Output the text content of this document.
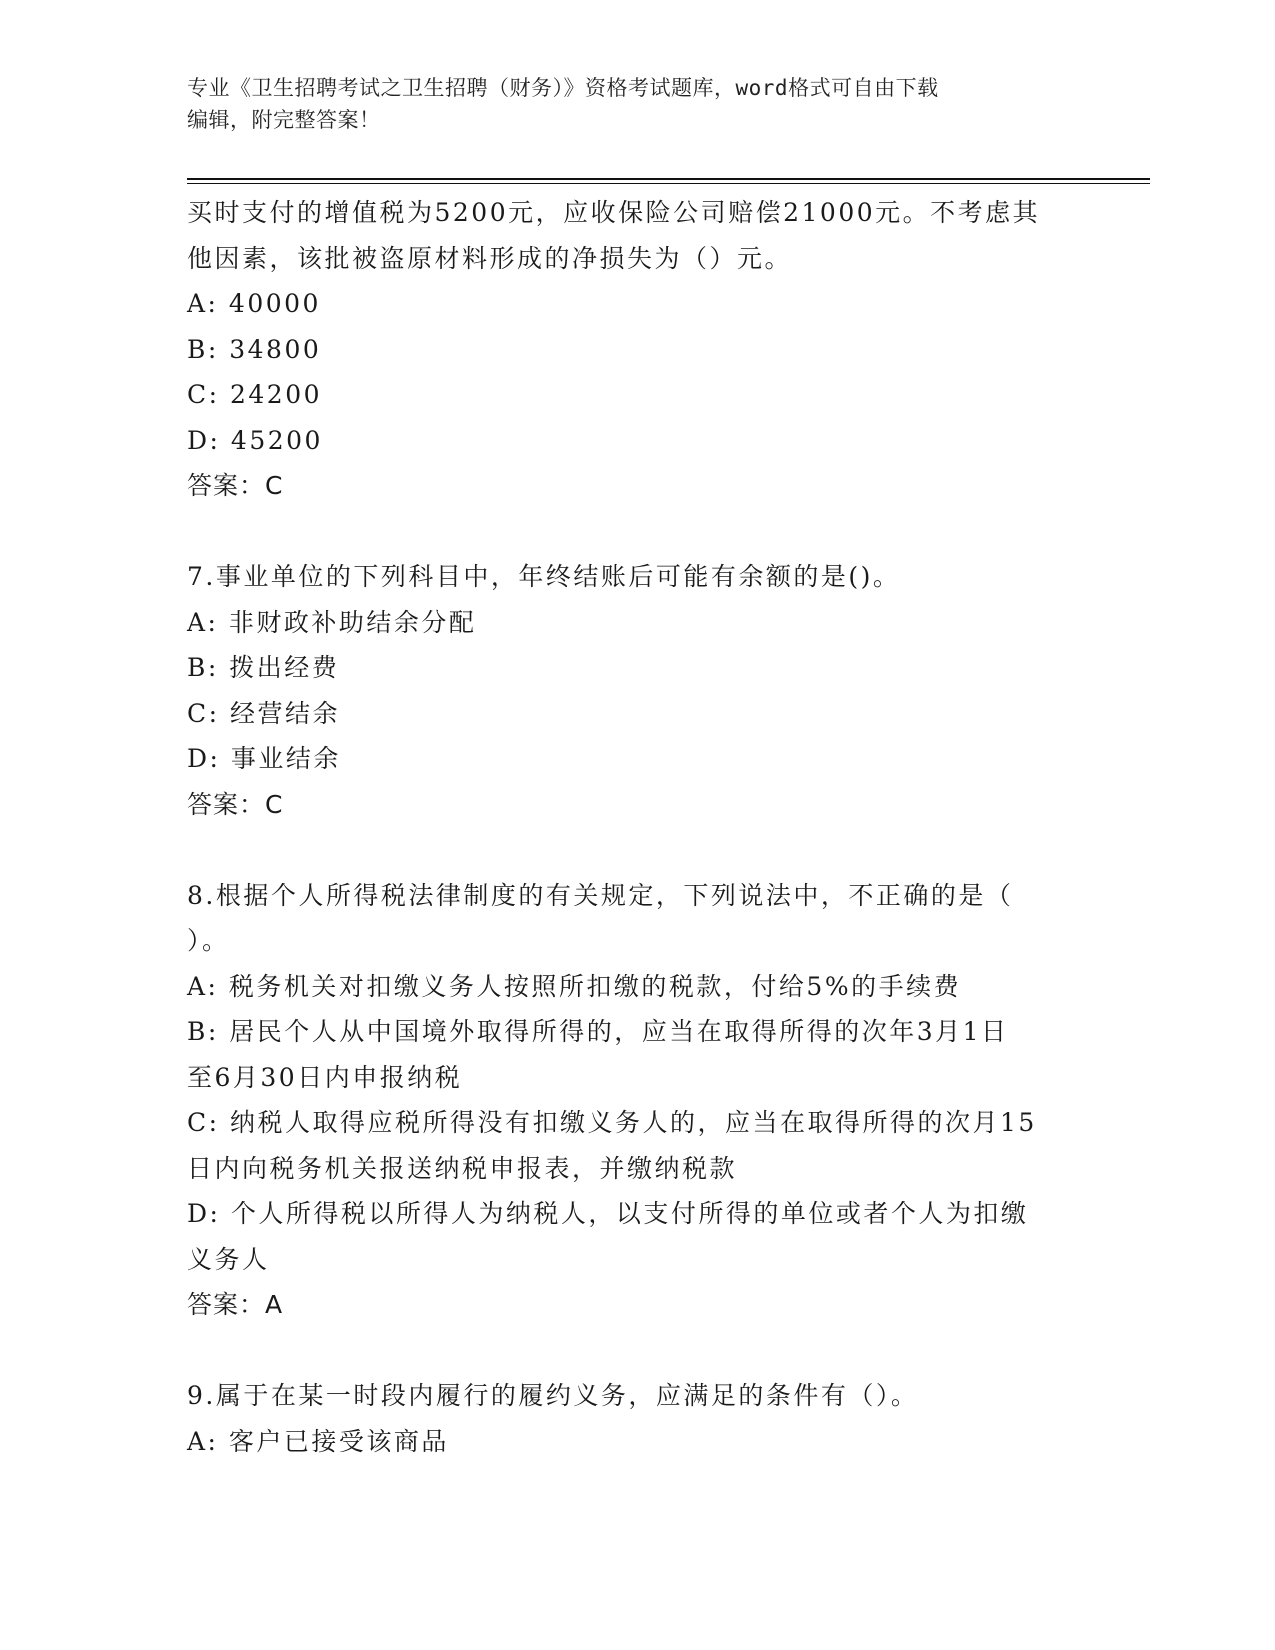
专业《卫生招聘考试之卫生招聘（财务）》资格考试题库，word格式可自由下载
编辑，附完整答案！
买时支付的增值税为5200元，应收保险公司赔偿21000元。不考虑其
他因素，该批被盗原材料形成的净损失为（）元。
A: 40000
B: 34800
C: 24200
D: 45200
答案：C
7.事业单位的下列科目中，年终结账后可能有余额的是()。
A: 非财政补助结余分配
B: 拨出经费
C: 经营结余
D: 事业结余
答案：C
8.根据个人所得税法律制度的有关规定，下列说法中，不正确的是（
）。
A: 税务机关对扣缴义务人按照所扣缴的税款，付给5%的手续费
B: 居民个人从中国境外取得所得的，应当在取得所得的次年3月1日
至6月30日内申报纳税
C: 纳税人取得应税所得没有扣缴义务人的，应当在取得所得的次月15
日内向税务机关报送纳税申报表，并缴纳税款
D: 个人所得税以所得人为纳税人，以支付所得的单位或者个人为扣缴
义务人
答案：A
9.属于在某一时段内履行的履约义务，应满足的条件有（）。
A: 客户已接受该商品
